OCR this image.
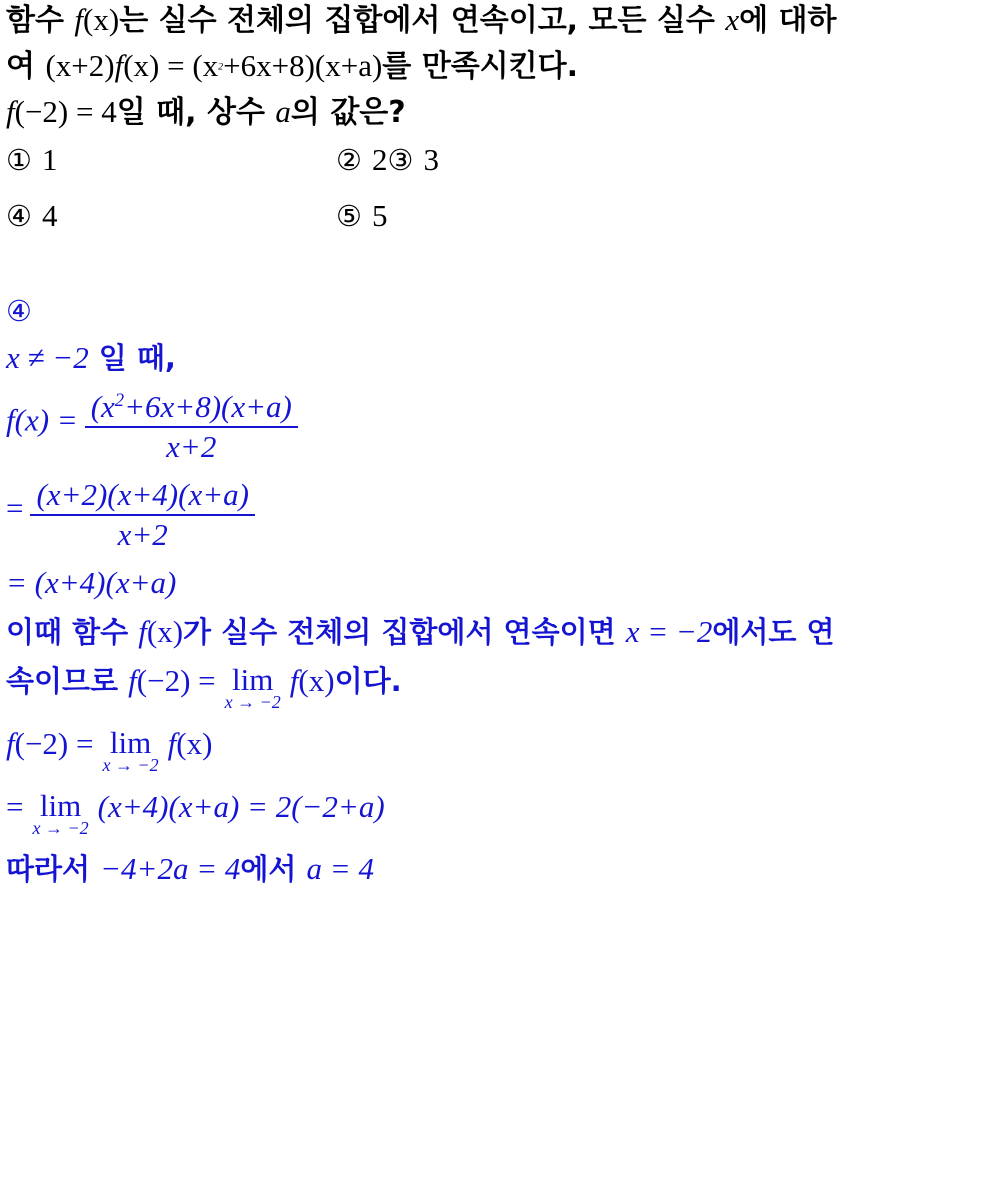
함수 f(x)는 실수 전체의 집합에서 연속이고, 모든 실수 x에 대하
여 $(x+2)f(x) = (x^2+6x+8)(x+a)$를 만족시킨다.
f(−2) = 4일 때, 상수 a의 값은?
① 1	② 2③ 3
④ 4	⑤ 5
④
x ≠ −2 일 때,
$f(x) = \frac{(x^2+6x+8)(x+a)}{x+2}$
= $\frac{(x+2)(x+4)(x+a)}{x+2}$
= (x+4)(x+a)
이때 함수 f(x)가 실수 전체의 집합에서 연속이면 x = −2에서도 연
속이므로 f(−2) = lim
x → −2
f(x)이다.
f(−2) = lim
x → −2
f(x)
= lim
x → −2
(x+4)(x+a) = 2(−2+a)
따라서 −4+2a = 4에서 a = 4
